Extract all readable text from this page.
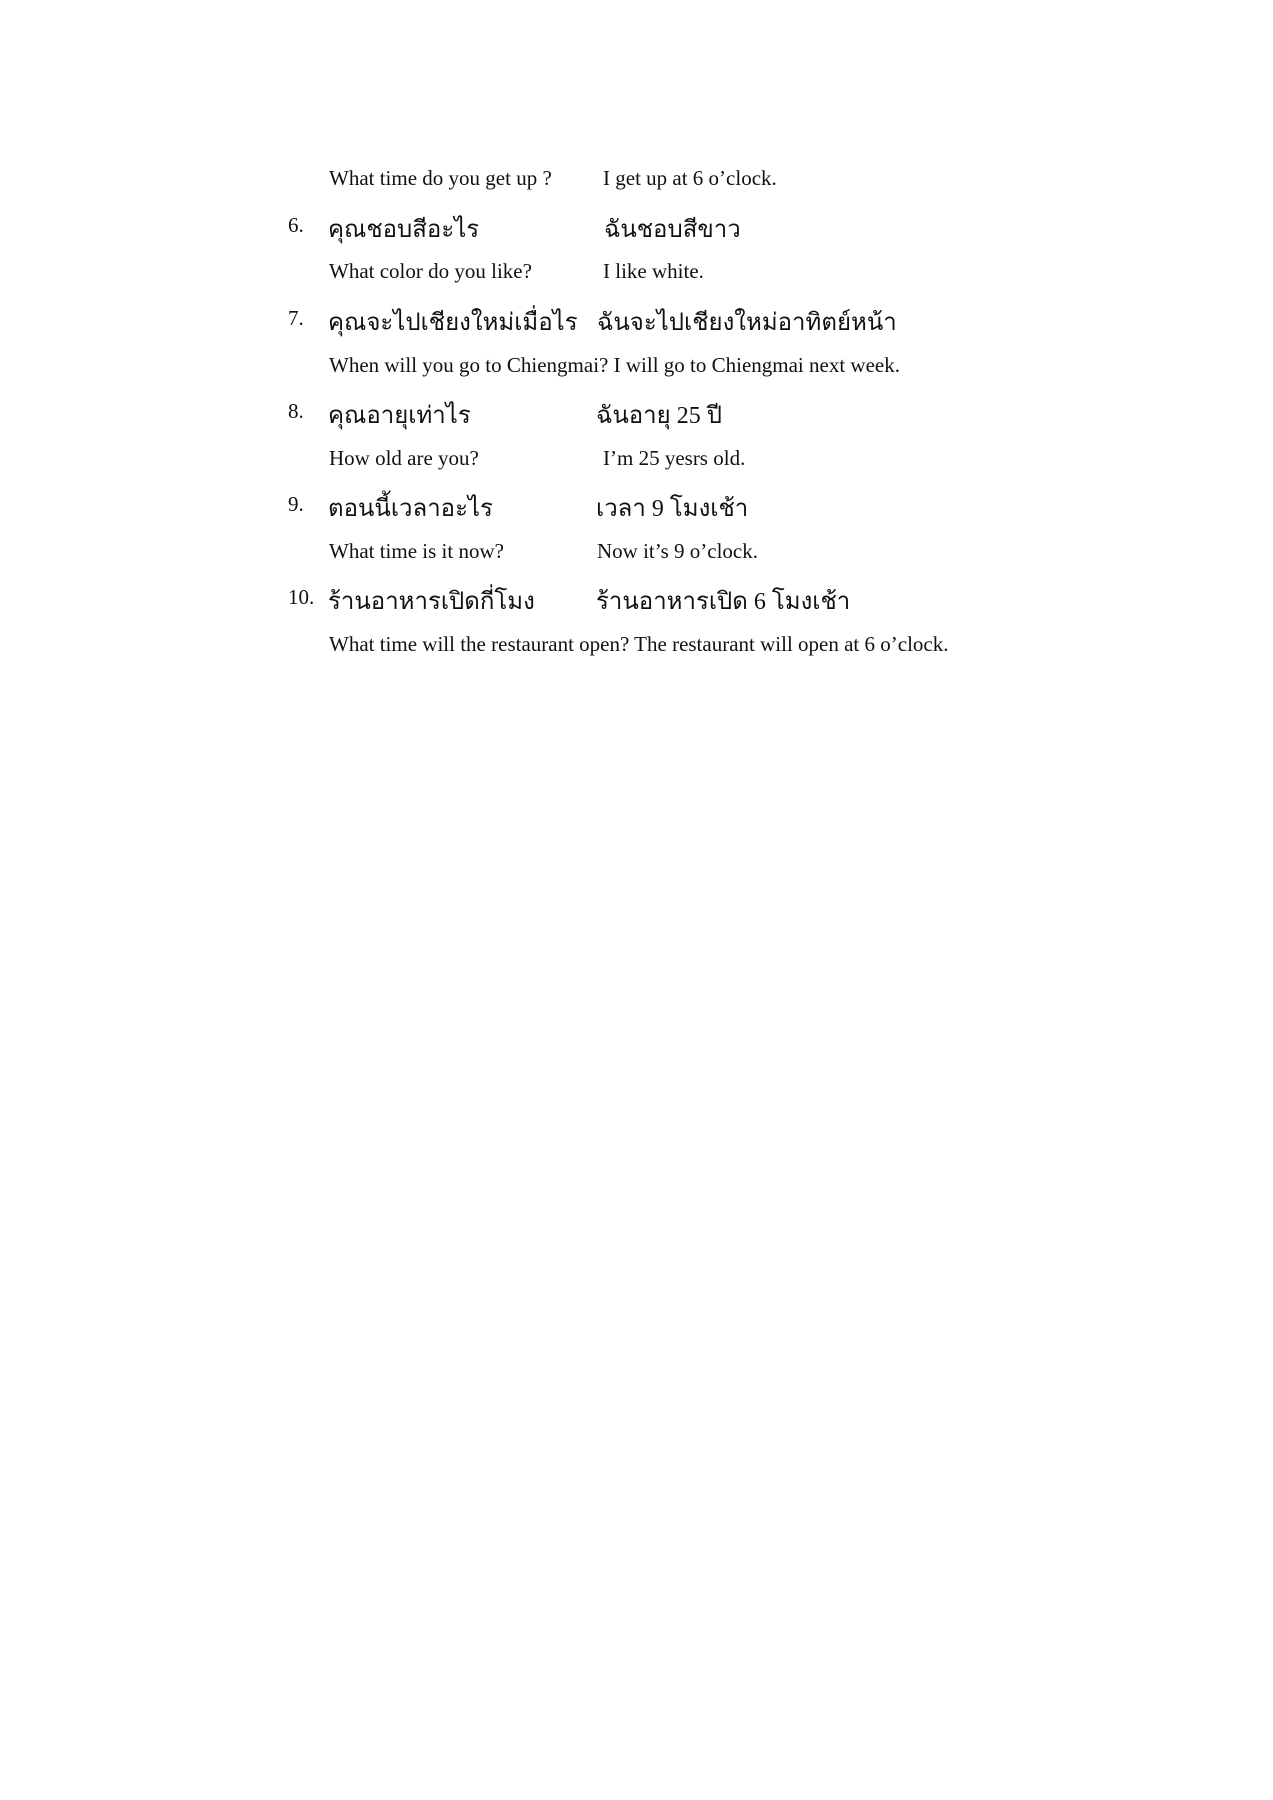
What time do you get up ? I get up at 6 o’clock.
6. คุณชอบสีอะไร	ฉันชอบสีขาว
What color do you like?	I like white.
7. คุณจะไปเชียงใหม่เมื่อไร ฉันจะไปเชียงใหม่อาทิตย์หน้า
When will you go to Chiengmai? I will go to Chiengmai next week.
8. คุณอายุเท่าไร	ฉันอายุ 25 ปี
How old are you?	I’m 25 yesrs old.
9. ตอนนี้เวลาอะไร	เวลา 9 โมงเช้า
What time is it now?	Now it’s 9 o’clock.
10. ร้านอาหารเปิดกี่โมง	ร้านอาหารเปิด 6 โมงเช้า
What time will the restaurant open? The restaurant will open at 6 o’clock.
